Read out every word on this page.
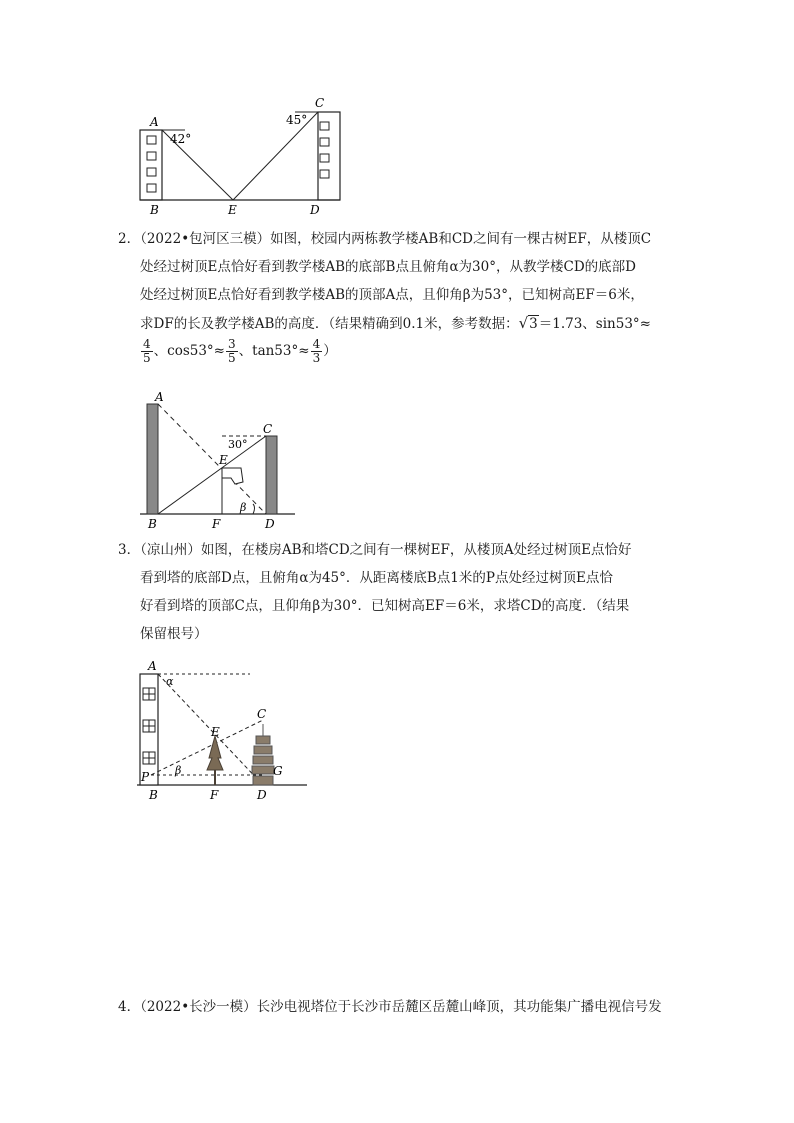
A
42°
B	E	D
C
45°
2．（2022•包河区三模）如图，校园内两栋教学楼AB和CD之间有一棵古树EF，从楼顶C
处经过树顶E点恰好看到教学楼AB的底部B点且俯角α为30°，从教学楼CD的底部D
处经过树顶E点恰好看到教学楼AB的顶部A点，且仰角β为53°，已知树高EF＝6米，
求DF的长及教学楼AB的高度．（结果精确到0.1米，参考数据：√3＝1.73、sin53°≈
$\frac{4}{5}$ 、$\cos 53^\circ\approx \frac{3}{5}$ 、$\tan 53^\circ\approx \frac{4}{3}$ ）
A
B
C
D
E
F
30°
β
3．（凉山州）如图，在楼房AB和塔CD之间有一棵树EF，从楼顶A处经过树顶E点恰好
看到塔的底部D点，且俯角α为45°．从距离楼底B点1米的P点处经过树顶E点恰
好看到塔的顶部C点，且仰角β为30°．已知树高EF＝6米，求塔CD的高度．（结果
保留根号）
A
α
P β
B	F	D
E
C
G
4．（2022•长沙一模）长沙电视塔位于长沙市岳麓区岳麓山峰顶，其功能集广播电视信号发
